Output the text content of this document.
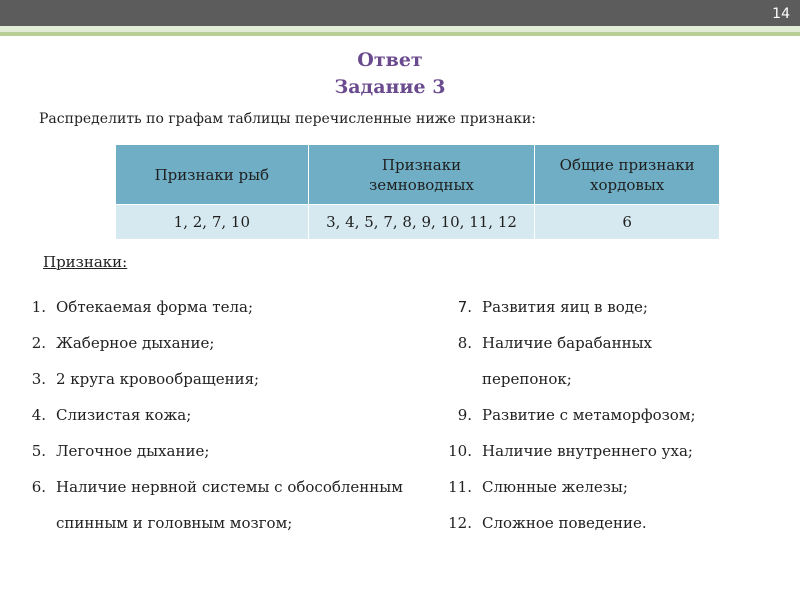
14
Ответ
Задание 3
Распределить по графам таблицы перечисленные ниже признаки:
Признаки рыб
Признаки
земноводных
Общие признаки
хордовых
1, 2, 7, 10	3, 4, 5, 7, 8, 9, 10, 11, 12	6
Признаки:
1. Обтекаемая форма тела;
2. Жаберное дыхание;
3. 2 круга кровообращения;
4. Слизистая кожа;
5. Легочное дыхание;
6. Наличие нервной системы с обособленным спинным и головным мозгом;
7. Развития яиц в воде;
8. Наличие барабанных перепонок;
9. Развитие с метаморфозом;
10. Наличие внутреннего уха;
11. Слюнные железы;
12. Сложное поведение.
